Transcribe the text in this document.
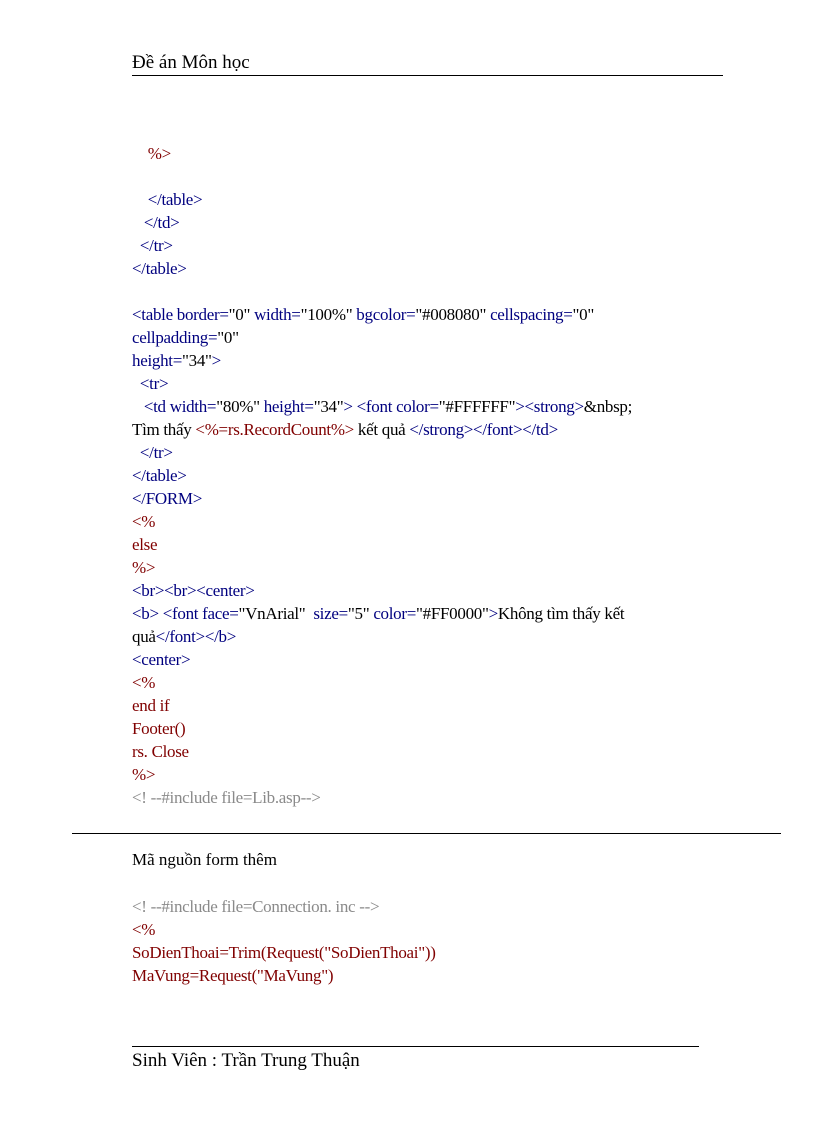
Đề án Môn học
%>
</table>
</td>
</tr>
</table>
<table border="0" width="100%" bgcolor="#008080" cellspacing="0"
cellpadding="0"
height="34">
<tr>
<td width="80%" height="34"> <font color="#FFFFFF"><strong>&nbsp;
Tìm thấy <%=rs.RecordCount%> kết quả </strong></font></td>
</tr>
</table>
</FORM>
<%
else
%>
<br><br><center>
<b> <font face="VnArial"  size="5" color="#FF0000">Không tìm thấy kết
quả</font></b>
<center>
<%
end if
Footer()
rs. Close
%>
<! --#include file=Lib.asp-->
Mã nguồn form thêm
<! --#include file=Connection. inc -->
<%
SoDienThoai=Trim(Request("SoDienThoai"))
MaVung=Request("MaVung")
Sinh Viên : Trần Trung Thuận
